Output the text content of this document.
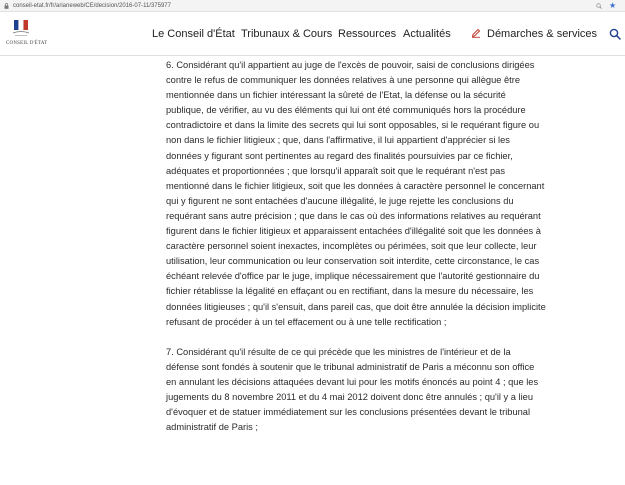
conseil-etat.fr/fr/arianeweb/CE/decision/2016-07-11/375977	★
CONSEIL D'ÉTAT
Le Conseil d'État Tribunaux & Cours Ressources Actualités	Démarches & services

6. Considérant qu'il appartient au juge de l'excès de pouvoir, saisi de conclusions dirigées contre le refus de communiquer les données relatives à une personne qui allègue être mentionnée dans un fichier intéressant la sûreté de l'Etat, la défense ou la sécurité publique, de vérifier, au vu des éléments qui lui ont été communiqués hors la procédure contradictoire et dans la limite des secrets qui lui sont opposables, si le requérant figure ou non dans le fichier litigieux ; que, dans l'affirmative, il lui appartient d'apprécier si les données y figurant sont pertinentes au regard des finalités poursuivies par ce fichier, adéquates et proportionnées ; que lorsqu'il apparaît soit que le requérant n'est pas mentionné dans le fichier litigieux, soit que les données à caractère personnel le concernant qui y figurent ne sont entachées d'aucune illégalité, le juge rejette les conclusions du requérant sans autre précision ; que dans le cas où des informations relatives au requérant figurent dans le fichier litigieux et apparaissent entachées d'illégalité soit que les données à caractère personnel soient inexactes, incomplètes ou périmées, soit que leur collecte, leur utilisation, leur communication ou leur conservation soit interdite, cette circonstance, le cas échéant relevée d'office par le juge, implique nécessairement que l'autorité gestionnaire du fichier rétablisse la légalité en effaçant ou en rectifiant, dans la mesure du nécessaire, les données litigieuses ; qu'il s'ensuit, dans pareil cas, que doit être annulée la décision implicite refusant de procéder à un tel effacement ou à une telle rectification ;

7. Considérant qu'il résulte de ce qui précède que les ministres de l'intérieur et de la défense sont fondés à soutenir que le tribunal administratif de Paris a méconnu son office en annulant les décisions attaquées devant lui pour les motifs énoncés au point 4 ; que les jugements du 8 novembre 2011 et du 4 mai 2012 doivent donc être annulés ; qu'il y a lieu d'évoquer et de statuer immédiatement sur les conclusions présentées devant le tribunal administratif de Paris ;
